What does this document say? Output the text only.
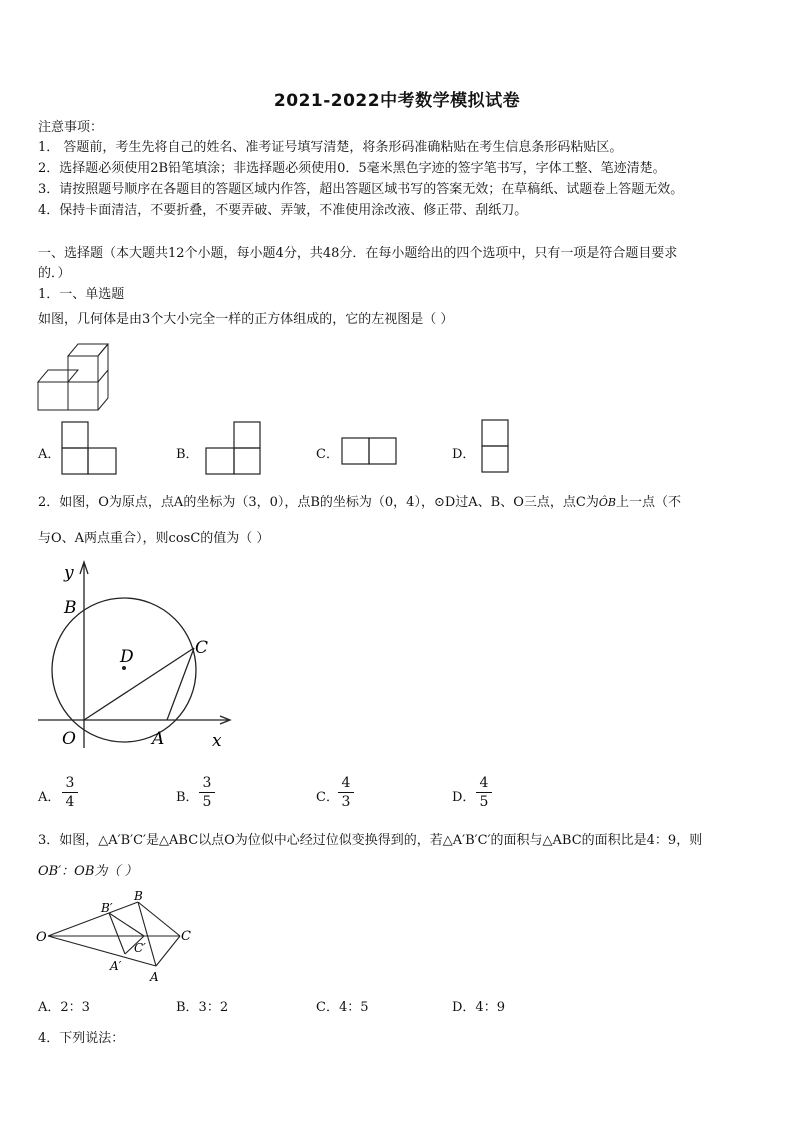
2021-2022中考数学模拟试卷
注意事项：
1． 答题前，考生先将自己的姓名、准考证号填写清楚，将条形码准确粘贴在考生信息条形码粘贴区。
2．选择题必须使用2B铅笔填涂；非选择题必须使用0．5毫米黑色字迹的签字笔书写，字体工整、笔迹清楚。
3．请按照题号顺序在各题目的答题区域内作答，超出答题区域书写的答案无效；在草稿纸、试题卷上答题无效。
4．保持卡面清洁，不要折叠，不要弄破、弄皱，不准使用涂改液、修正带、刮纸刀。
一、选择题（本大题共12个小题，每小题4分，共48分．在每小题给出的四个选项中，只有一项是符合题目要求
的．）
1．一、单选题
如图，几何体是由3个大小完全一样的正方体组成的，它的左视图是（ ）
A．	B．	C．	D．
2．如图，O为原点，点A的坐标为（3，0），点B的坐标为（0，4），⊙D过A、B、O三点，点C为ÔB上一点（不
与O、A两点重合），则cosC的值为（ ）
y
x
B
C
D
O	A
A．
3
4	B．
3
5	C．
4
3	D．
4
5
3．如图，△A′B′C′是△ABC以点O为位似中心经过位似变换得到的，若△A′B′C′的面积与△ABC的面积比是4：9，则
OB′：OB为（ ）
O
B′
B
C′
C
A′
A
A．2：3	B．3：2	C．4：5	D．4：9
4．下列说法：
